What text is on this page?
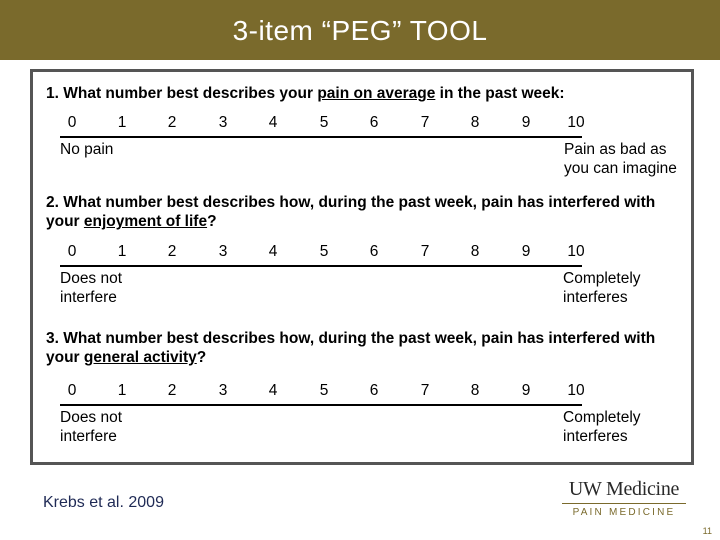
3-item “PEG” TOOL
1. What number best describes your pain on average in the past week:
0	1	2	3	4	5	6	7	8	9	10
No pain	Pain as bad as
you can imagine
2. What number best describes how, during the past week, pain has interfered with your enjoyment of life?
0	1	2	3	4	5	6	7	8	9	10
Does not
interfere
Completely
interferes
3. What number best describes how, during the past week, pain has interfered with your general activity?
0	1	2	3	4	5	6	7	8	9	10
Does not
interfere
Completely
interferes
Krebs et al. 2009
UW Medicine
PAIN MEDICINE
11
